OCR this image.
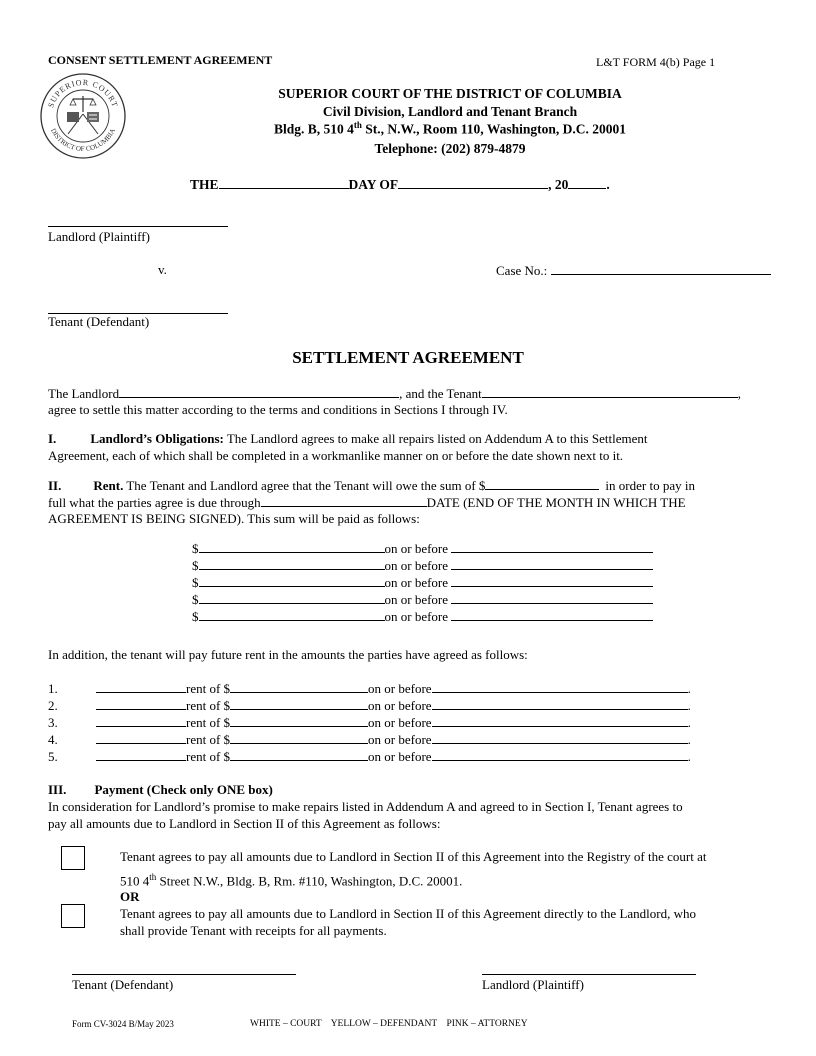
CONSENT SETTLEMENT AGREEMENT	L&T FORM 4(b) Page 1
SUPERIOR COURT
DISTRICT OF COLUMBIA
SUPERIOR COURT OF THE DISTRICT OF COLUMBIA
Civil Division, Landlord and Tenant Branch
Bldg. B, 510 4th St., N.W., Room 110, Washington, D.C. 20001
Telephone: (202) 879-4879
THE	DAY OF	, 20	.
Landlord (Plaintiff)
v.	Case No.:
Tenant (Defendant)
SETTLEMENT AGREEMENT
The Landlord	, and the Tenant	,
agree to settle this matter according to the terms and conditions in Sections I through IV.
I.	Landlord’s Obligations: The Landlord agrees to make all repairs listed on Addendum A to this Settlement
Agreement, each of which shall be completed in a workmanlike manner on or before the date shown next to it.
II. Rent. The Tenant and Landlord agree that the Tenant will owe the sum of $	in order to pay in
full what the parties agree is due through	DATE (END OF THE MONTH IN WHICH THE
AGREEMENT IS BEING SIGNED). This sum will be paid as follows:
$	on or before
$	on or before
$	on or before
$	on or before
$	on or before
In addition, the tenant will pay future rent in the amounts the parties have agreed as follows:
1.	rent of $	on or before	.
2.	rent of $	on or before	.
3.	rent of $	on or before	.
4.	rent of $	on or before	.
5.	rent of $	on or before	.
III. Payment (Check only ONE box)
In consideration for Landlord’s promise to make repairs listed in Addendum A and agreed to in Section I, Tenant agrees to
pay all amounts due to Landlord in Section II of this Agreement as follows:
Tenant agrees to pay all amounts due to Landlord in Section II of this Agreement into the Registry of the court at
510 4th Street N.W., Bldg. B, Rm. #110, Washington, D.C. 20001.
OR
Tenant agrees to pay all amounts due to Landlord in Section II of this Agreement directly to the Landlord, who
shall provide Tenant with receipts for all payments.
Tenant (Defendant)	Landlord (Plaintiff)
Form CV-3024 B/May 2023	WHITE – COURT    YELLOW – DEFENDANT    PINK – ATTORNEY
